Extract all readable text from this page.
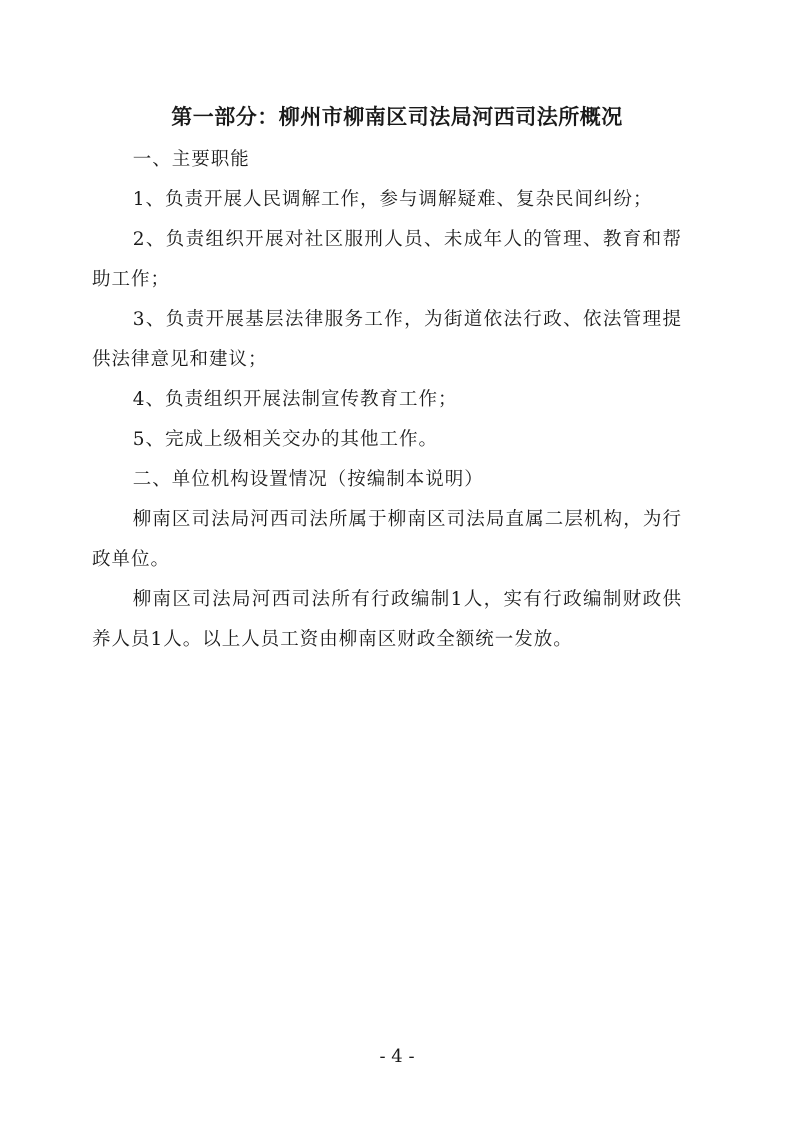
第一部分：柳州市柳南区司法局河西司法所概况

一、主要职能

1、负责开展人民调解工作，参与调解疑难、复杂民间纠纷；

2、负责组织开展对社区服刑人员、未成年人的管理、教育和帮助工作；

3、负责开展基层法律服务工作，为街道依法行政、依法管理提供法律意见和建议；

4、负责组织开展法制宣传教育工作；

5、完成上级相关交办的其他工作。

二、单位机构设置情况（按编制本说明）

柳南区司法局河西司法所属于柳南区司法局直属二层机构，为行政单位。

柳南区司法局河西司法所有行政编制1人，实有行政编制财政供养人员1人。以上人员工资由柳南区财政全额统一发放。

- 4 -
